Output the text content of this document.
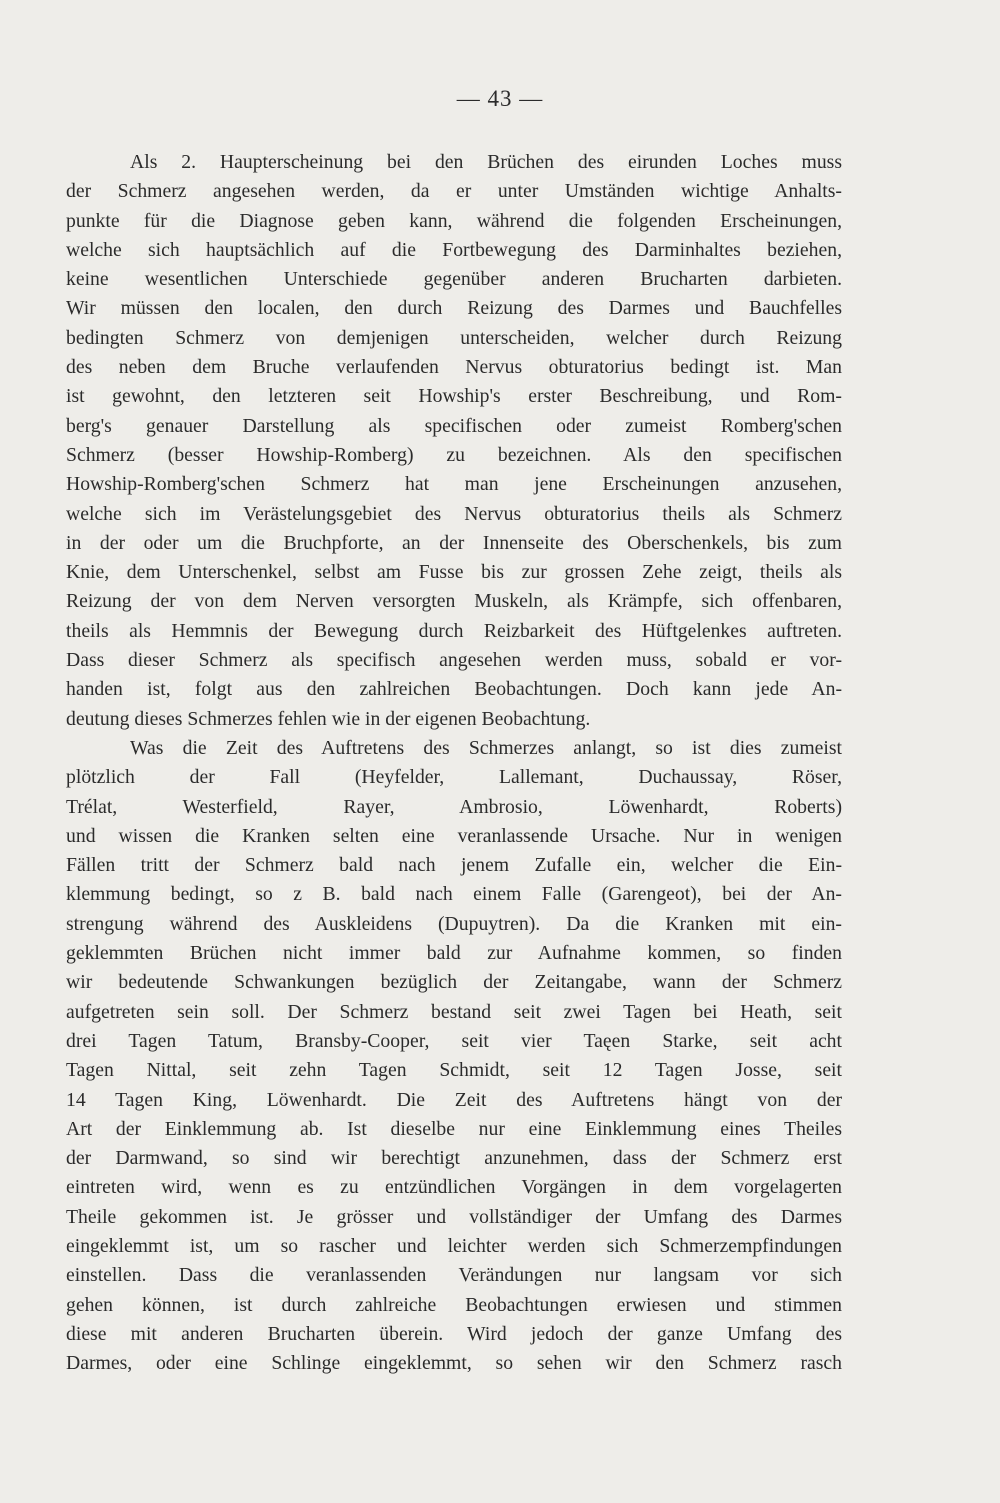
— 43 —
Als 2. Haupterscheinung bei den Brüchen des eirunden Loches muss
der Schmerz angesehen werden, da er unter Umständen wichtige Anhalts-
punkte für die Diagnose geben kann, während die folgenden Erscheinungen,
welche sich hauptsächlich auf die Fortbewegung des Darminhaltes beziehen,
keine wesentlichen Unterschiede gegenüber anderen Brucharten darbieten.
Wir müssen den localen, den durch Reizung des Darmes und Bauchfelles
bedingten Schmerz von demjenigen unterscheiden, welcher durch Reizung
des neben dem Bruche verlaufenden Nervus obturatorius bedingt ist. Man
ist gewohnt, den letzteren seit Howship's erster Beschreibung, und Rom-
berg's genauer Darstellung als specifischen oder zumeist Romberg'schen
Schmerz (besser Howship-Romberg) zu bezeichnen. Als den specifischen
Howship-Romberg'schen Schmerz hat man jene Erscheinungen anzusehen,
welche sich im Verästelungsgebiet des Nervus obturatorius theils als Schmerz
in der oder um die Bruchpforte, an der Innenseite des Oberschenkels, bis zum
Knie, dem Unterschenkel, selbst am Fusse bis zur grossen Zehe zeigt, theils als
Reizung der von dem Nerven versorgten Muskeln, als Krämpfe, sich offenbaren,
theils als Hemmnis der Bewegung durch Reizbarkeit des Hüftgelenkes auftreten.
Dass dieser Schmerz als specifisch angesehen werden muss, sobald er vor-
handen ist, folgt aus den zahlreichen Beobachtungen. Doch kann jede An-
deutung dieses Schmerzes fehlen wie in der eigenen Beobachtung.
Was die Zeit des Auftretens des Schmerzes anlangt, so ist dies zumeist
plötzlich der Fall (Heyfelder, Lallemant, Duchaussay, Röser,
Trélat, Westerfield, Rayer, Ambrosio, Löwenhardt, Roberts)
und wissen die Kranken selten eine veranlassende Ursache. Nur in wenigen
Fällen tritt der Schmerz bald nach jenem Zufalle ein, welcher die Ein-
klemmung bedingt, so z B. bald nach einem Falle (Garengeot), bei der An-
strengung während des Auskleidens (Dupuytren). Da die Kranken mit ein-
geklemmten Brüchen nicht immer bald zur Aufnahme kommen, so finden
wir bedeutende Schwankungen bezüglich der Zeitangabe, wann der Schmerz
aufgetreten sein soll. Der Schmerz bestand seit zwei Tagen bei Heath, seit
drei Tagen Tatum, Bransby-Cooper, seit vier Taęen Starke, seit acht
Tagen Nittal, seit zehn Tagen Schmidt, seit 12 Tagen Josse, seit
14 Tagen King, Löwenhardt. Die Zeit des Auftretens hängt von der
Art der Einklemmung ab. Ist dieselbe nur eine Einklemmung eines Theiles
der Darmwand, so sind wir berechtigt anzunehmen, dass der Schmerz erst
eintreten wird, wenn es zu entzündlichen Vorgängen in dem vorgelagerten
Theile gekommen ist. Je grösser und vollständiger der Umfang des Darmes
eingeklemmt ist, um so rascher und leichter werden sich Schmerzempfindungen
einstellen. Dass die veranlassenden Verändungen nur langsam vor sich
gehen können, ist durch zahlreiche Beobachtungen erwiesen und stimmen
diese mit anderen Brucharten überein. Wird jedoch der ganze Umfang des
Darmes, oder eine Schlinge eingeklemmt, so sehen wir den Schmerz rasch
